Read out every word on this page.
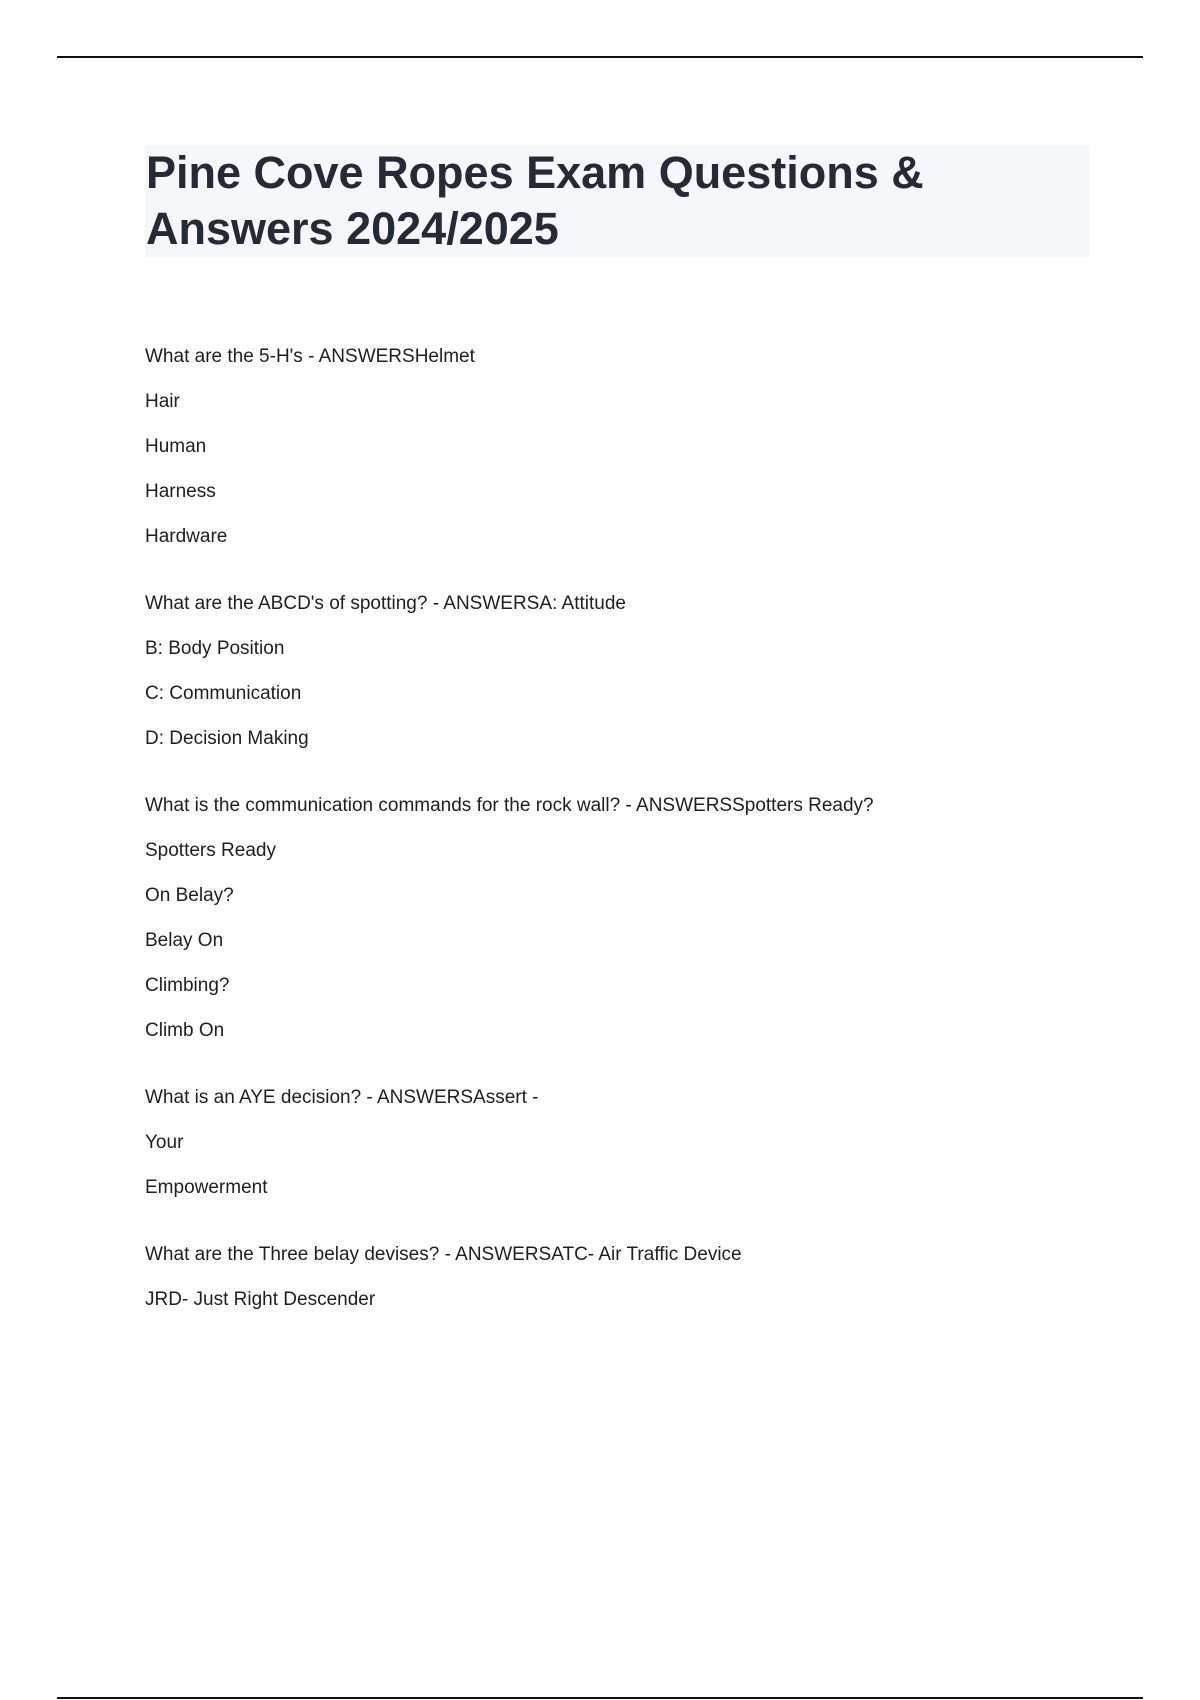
Pine Cove Ropes Exam Questions & Answers 2024/2025
What are the 5-H's - ANSWERSHelmet
Hair
Human
Harness
Hardware
What are the ABCD's of spotting? - ANSWERSA: Attitude
B: Body Position
C: Communication
D: Decision Making
What is the communication commands for the rock wall? - ANSWERSSpotters Ready?
Spotters Ready
On Belay?
Belay On
Climbing?
Climb On
What is an AYE decision? - ANSWERSAssert -
Your
Empowerment
What are the Three belay devises? - ANSWERSATC- Air Traffic Device
JRD- Just Right Descender
